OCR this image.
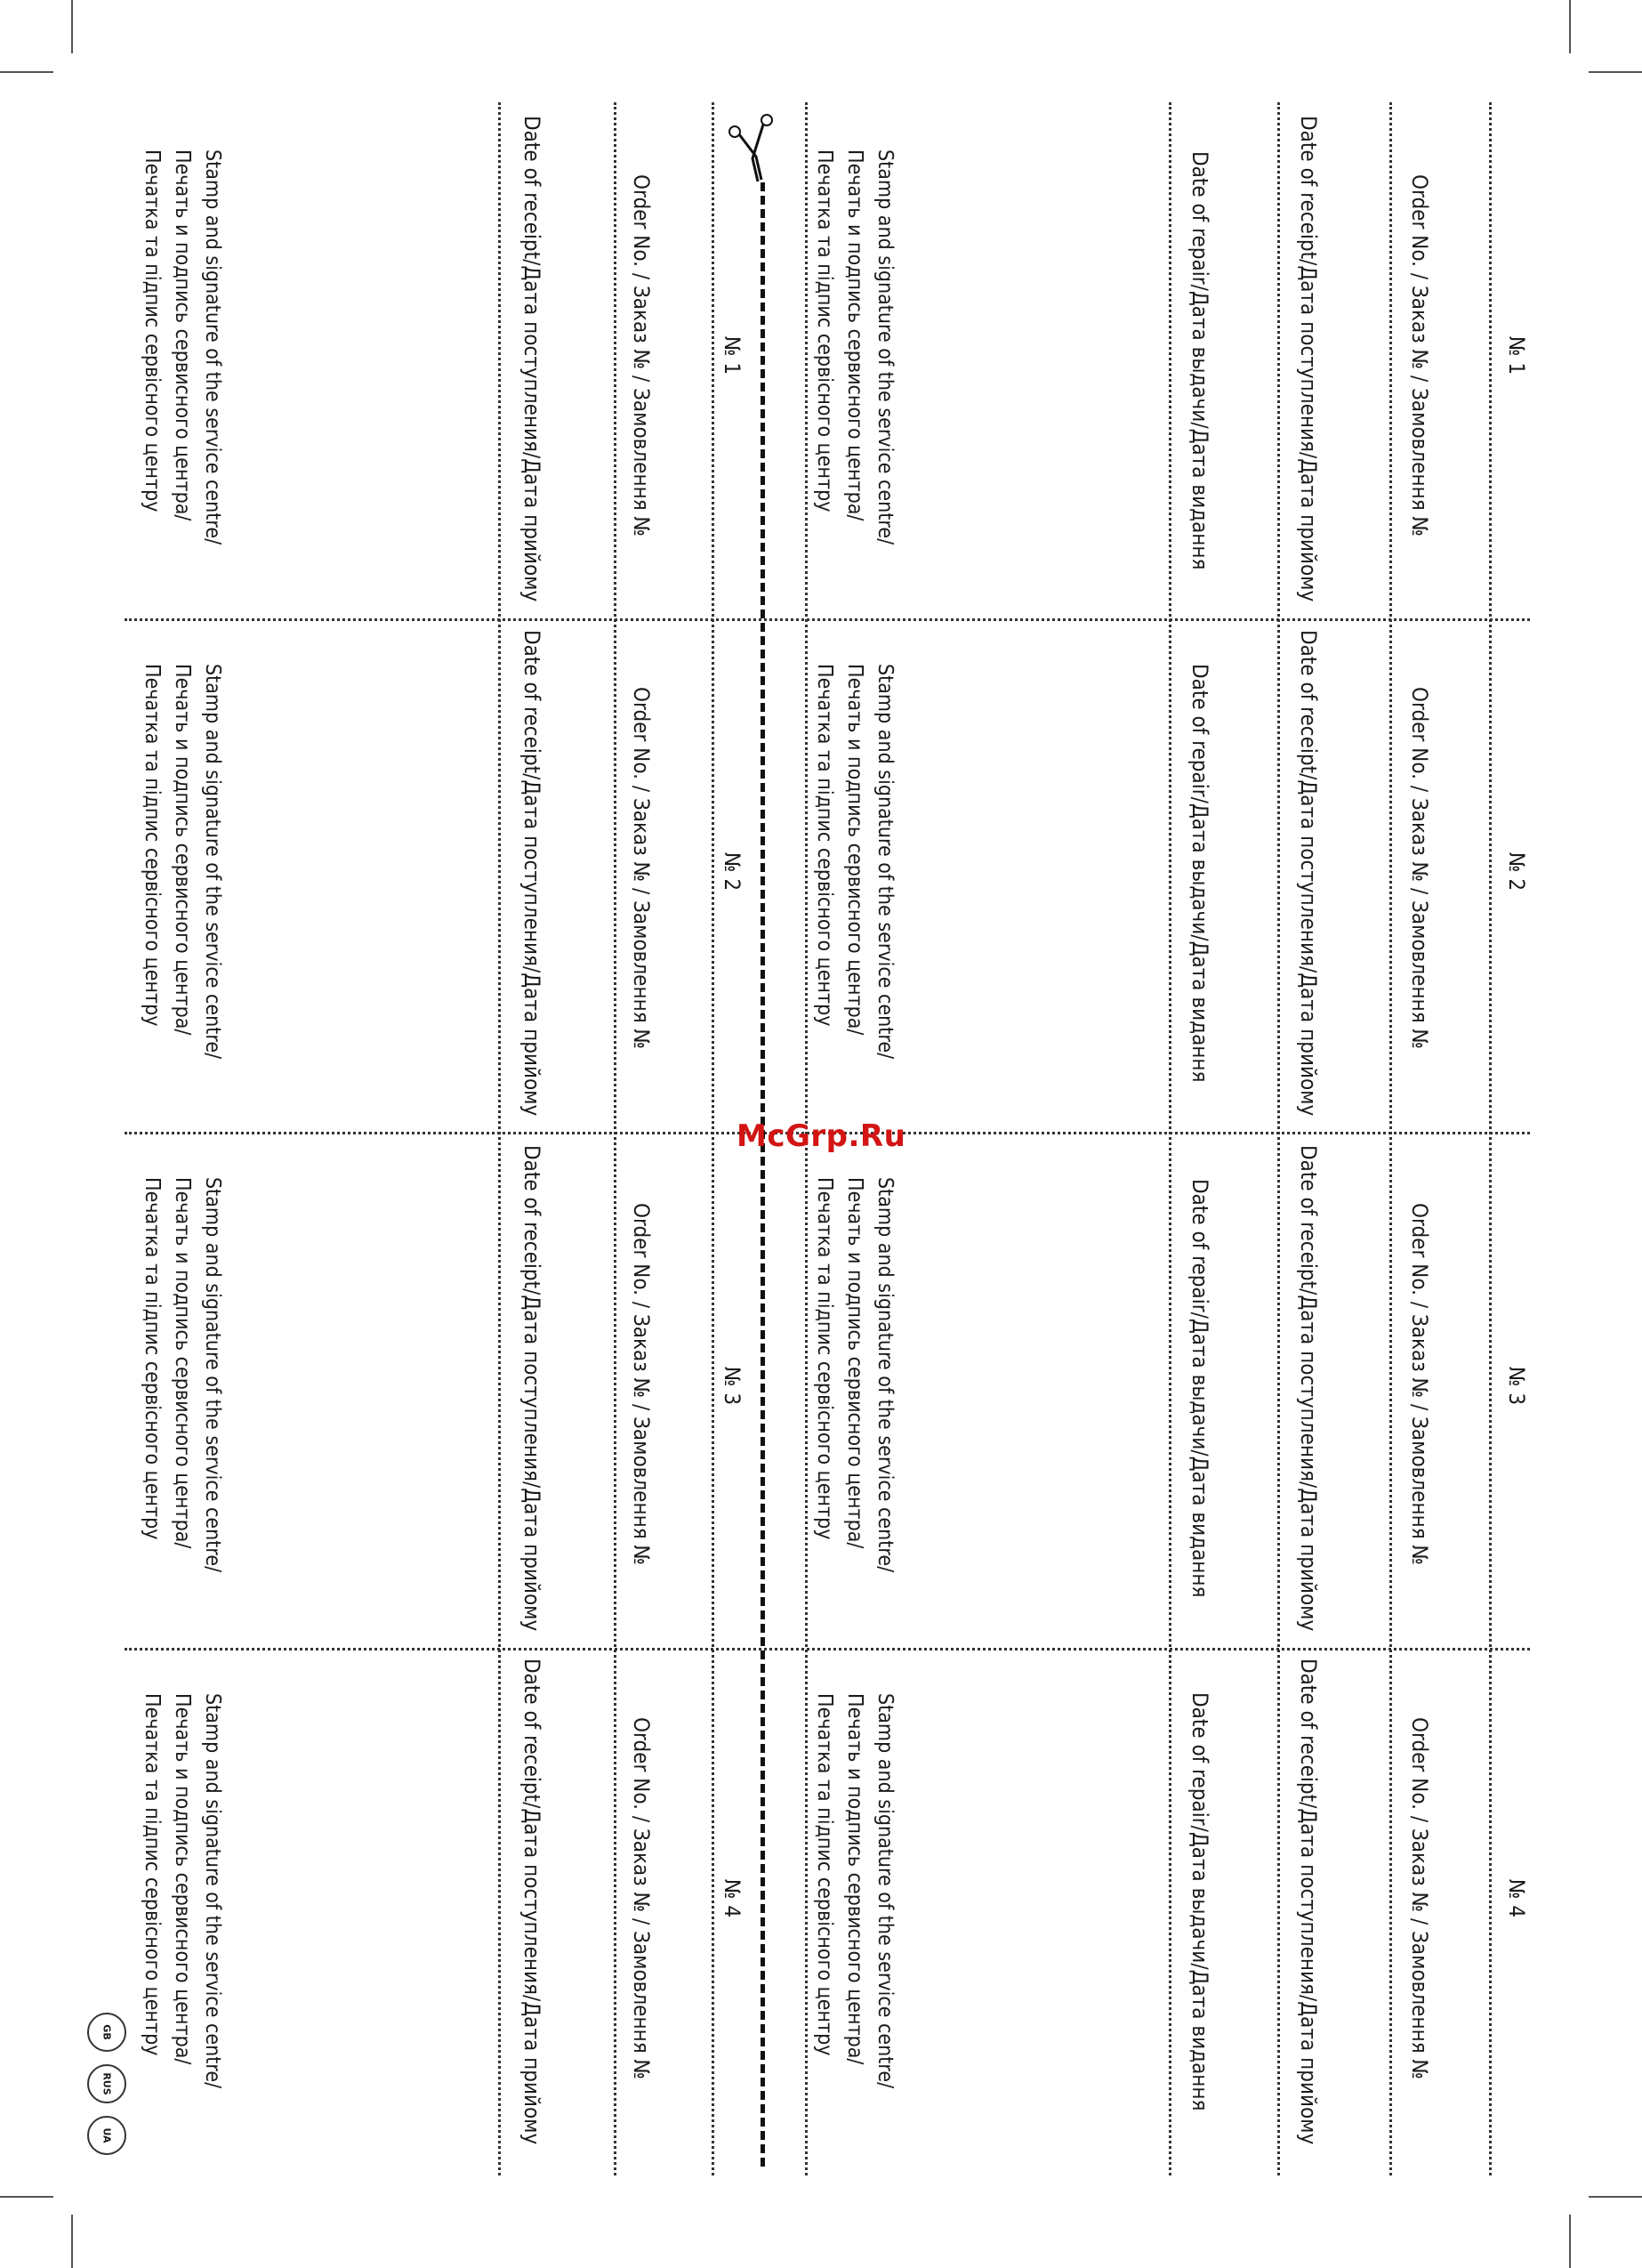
№ 1
Order No. / Заказ № / Замовлення №
Date of receipt/Дата поступления/Дата прийому
Date of repair/Дата выдачи/Дата видання
Stamp and signature of the service centre/
Печать и подпись сервисного центра/
Печатка та підпис сервісного центру
№ 2
Order No. / Заказ № / Замовлення №
Date of receipt/Дата поступления/Дата прийому
Date of repair/Дата выдачи/Дата видання
Stamp and signature of the service centre/
Печать и подпись сервисного центра/
Печатка та підпис сервісного центру
№ 3
Order No. / Заказ № / Замовлення №
Date of receipt/Дата поступления/Дата прийому
Date of repair/Дата выдачи/Дата видання
Stamp and signature of the service centre/
Печать и подпись сервисного центра/
Печатка та підпис сервісного центру
№ 4
Order No. / Заказ № / Замовлення №
Date of receipt/Дата поступления/Дата прийому
Date of repair/Дата выдачи/Дата видання
Stamp and signature of the service centre/
Печать и подпись сервисного центра/
Печатка та підпис сервісного центру
№ 1
Order No. / Заказ № / Замовлення №
Date of receipt/Дата поступления/Дата прийому
Stamp and signature of the service centre/
Печать и подпись сервисного центра/
Печатка та підпис сервісного центру
№ 2
Order No. / Заказ № / Замовлення №
Date of receipt/Дата поступления/Дата прийому
Stamp and signature of the service centre/
Печать и подпись сервисного центра/
Печатка та підпис сервісного центру
№ 3
Order No. / Заказ № / Замовлення №
Date of receipt/Дата поступления/Дата прийому
Stamp and signature of the service centre/
Печать и подпись сервисного центра/
Печатка та підпис сервісного центру
№ 4
Order No. / Заказ № / Замовлення №
Date of receipt/Дата поступления/Дата прийому
Stamp and signature of the service centre/
Печать и подпись сервисного центра/
Печатка та підпис сервісного центру
GB
RUS
UA
McGrp.Ru
